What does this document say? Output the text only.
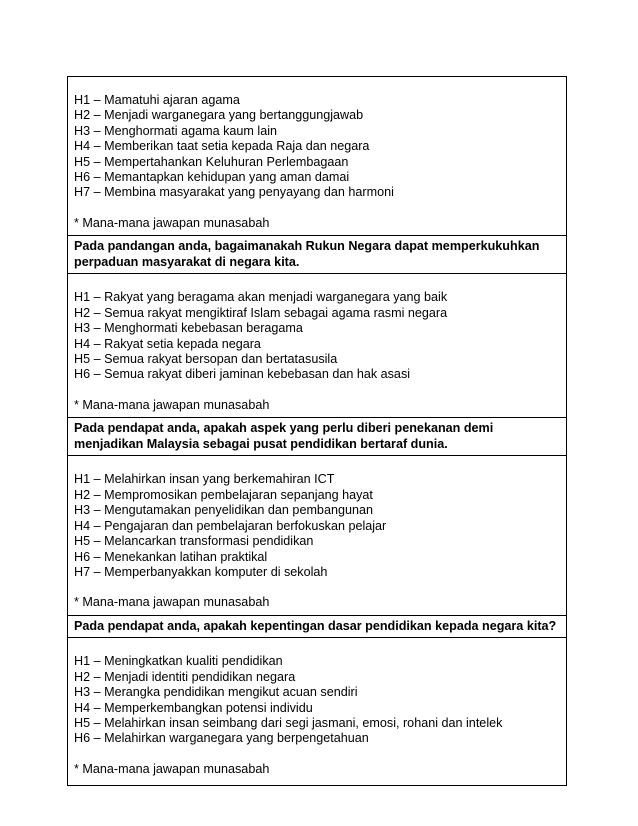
H1 – Mamatuhi ajaran agama

H2 – Menjadi warganegara yang bertanggungjawab

H3 – Menghormati agama kaum lain

H4 – Memberikan taat setia kepada Raja dan negara

H5 – Mempertahankan Keluhuran Perlembagaan

H6 – Memantapkan kehidupan yang aman damai

H7 – Membina masyarakat yang penyayang dan harmoni

* Mana-mana jawapan munasabah

Pada pandangan anda, bagaimanakah Rukun Negara dapat memperkukuhkan

perpaduan masyarakat di negara kita.

H1 – Rakyat yang beragama akan menjadi warganegara yang baik

H2 – Semua rakyat mengiktiraf Islam sebagai agama rasmi negara

H3 – Menghormati kebebasan beragama

H4 – Rakyat setia kepada negara

H5 – Semua rakyat bersopan dan bertatasusila

H6 – Semua rakyat diberi jaminan kebebasan dan hak asasi

* Mana-mana jawapan munasabah

Pada pendapat anda, apakah aspek yang perlu diberi penekanan demi

menjadikan Malaysia sebagai pusat pendidikan bertaraf dunia.

H1 – Melahirkan insan yang berkemahiran ICT

H2 – Mempromosikan pembelajaran sepanjang hayat

H3 – Mengutamakan penyelidikan dan pembangunan

H4 – Pengajaran dan pembelajaran berfokuskan pelajar

H5 – Melancarkan transformasi pendidikan

H6 – Menekankan latihan praktikal

H7 – Memperbanyakkan komputer di sekolah

* Mana-mana jawapan munasabah

Pada pendapat anda, apakah kepentingan dasar pendidikan kepada negara kita?

H1 – Meningkatkan kualiti pendidikan

H2 – Menjadi identiti pendidikan negara

H3 – Merangka pendidikan mengikut acuan sendiri

H4 – Memperkembangkan potensi individu

H5 – Melahirkan insan seimbang dari segi jasmani, emosi, rohani dan intelek

H6 – Melahirkan warganegara yang berpengetahuan

* Mana-mana jawapan munasabah
